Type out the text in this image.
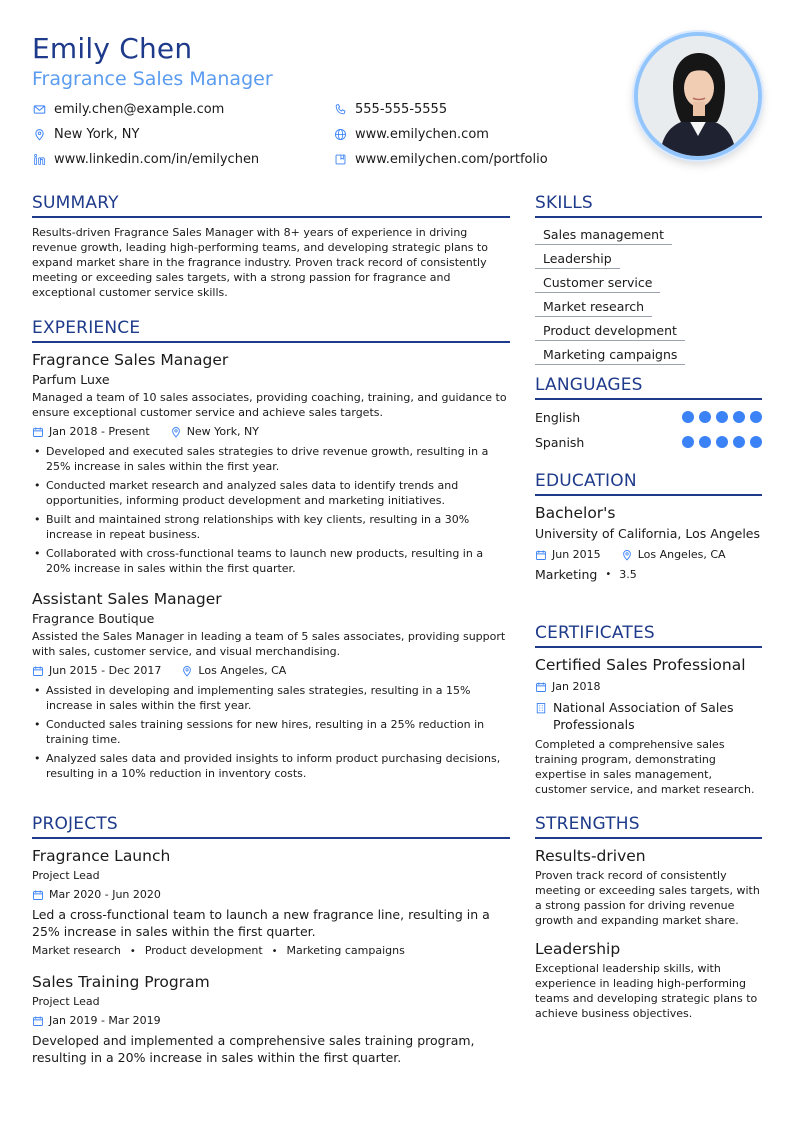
Emily Chen
Fragrance Sales Manager
emily.chen@example.com	555-555-5555
New York, NY	www.emilychen.com
www.linkedin.com/in/emilychen	www.emilychen.com/portfolio
SUMMARY
Results-driven Fragrance Sales Manager with 8+ years of experience in driving revenue growth, leading high-performing teams, and developing strategic plans to expand market share in the fragrance industry. Proven track record of consistently meeting or exceeding sales targets, with a strong passion for fragrance and exceptional customer service skills.
EXPERIENCE
Fragrance Sales Manager
Parfum Luxe
Managed a team of 10 sales associates, providing coaching, training, and guidance to ensure exceptional customer service and achieve sales targets.
Jan 2018 - Present	New York, NY
• Developed and executed sales strategies to drive revenue growth, resulting in a 25% increase in sales within the first year.
• Conducted market research and analyzed sales data to identify trends and opportunities, informing product development and marketing initiatives.
• Built and maintained strong relationships with key clients, resulting in a 30% increase in repeat business.
• Collaborated with cross-functional teams to launch new products, resulting in a 20% increase in sales within the first quarter.
Assistant Sales Manager
Fragrance Boutique
Assisted the Sales Manager in leading a team of 5 sales associates, providing support with sales, customer service, and visual merchandising.
Jun 2015 - Dec 2017	Los Angeles, CA
• Assisted in developing and implementing sales strategies, resulting in a 15% increase in sales within the first year.
• Conducted sales training sessions for new hires, resulting in a 25% reduction in training time.
• Analyzed sales data and provided insights to inform product purchasing decisions, resulting in a 10% reduction in inventory costs.
PROJECTS
Fragrance Launch
Project Lead
Mar 2020 - Jun 2020
Led a cross-functional team to launch a new fragrance line, resulting in a 25% increase in sales within the first quarter.
Market research • Product development • Marketing campaigns
Sales Training Program
Project Lead
Jan 2019 - Mar 2019
Developed and implemented a comprehensive sales training program, resulting in a 20% increase in sales within the first quarter.
SKILLS
Sales management
Leadership
Customer service
Market research
Product development
Marketing campaigns
LANGUAGES
English
Spanish
EDUCATION
Bachelor's
University of California, Los Angeles
Jun 2015	Los Angeles, CA
Marketing • 3.5
CERTIFICATES
Certified Sales Professional
Jan 2018
National Association of Sales Professionals
Completed a comprehensive sales training program, demonstrating expertise in sales management, customer service, and market research.
STRENGTHS
Results-driven
Proven track record of consistently meeting or exceeding sales targets, with a strong passion for driving revenue growth and expanding market share.
Leadership
Exceptional leadership skills, with experience in leading high-performing teams and developing strategic plans to achieve business objectives.
